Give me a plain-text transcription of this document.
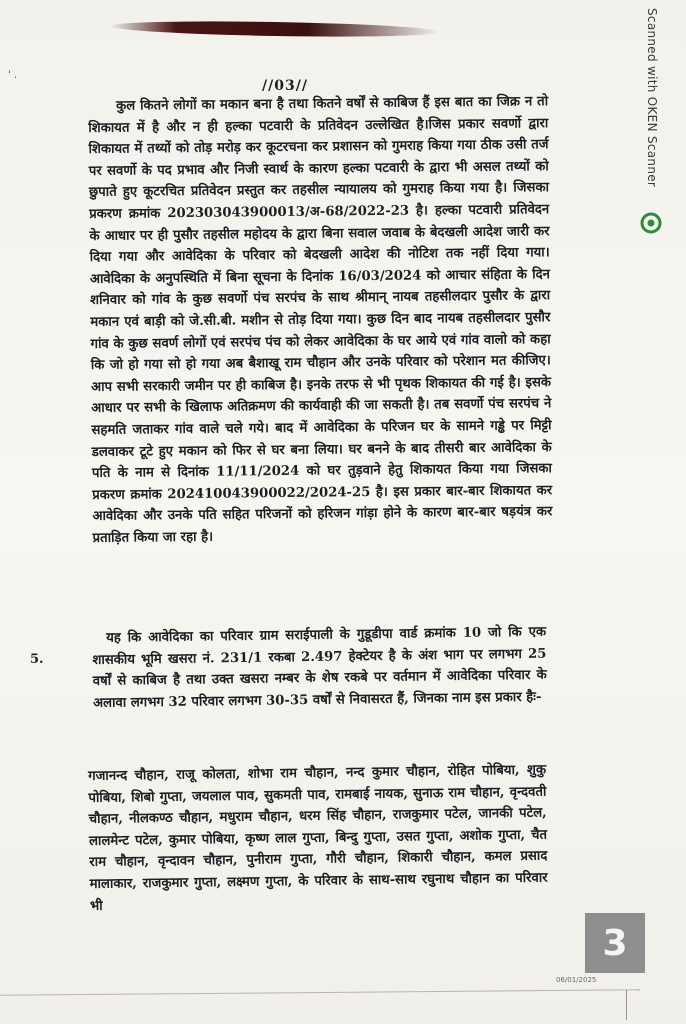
' .
//03//

कुल कितने लोगों का मकान बना है तथा कितने वर्षों से काबिज हैं इस बात का जिक्र न तो शिकायत में है और न ही हल्का पटवारी के प्रतिवेदन उल्लेखित है।जिस प्रकार सवर्णो द्वारा शिकायत में तथ्यों को तोड़ मरोड़ कर कूटरचना कर प्रशासन को गुमराह किया गया ठीक उसी तर्ज पर सवर्णो के पद प्रभाव और निजी स्वार्थ के कारण हल्का पटवारी के द्वारा भी असल तथ्यों को छुपाते हुए कूटरचित प्रतिवेदन प्रस्तुत कर तहसील न्यायालय को गुमराह किया गया है। जिसका प्रकरण क्रमांक 202303043900013/अ-68/2022-23 है। हल्का पटवारी प्रतिवेदन के आधार पर ही पुसौर तहसील महोदय के द्वारा बिना सवाल जवाब के बेदखली आदेश जारी कर दिया गया और आवेदिका के परिवार को बेदखली आदेश की नोटिश तक नहीं दिया गया। आवेदिका के अनुपस्थिति में बिना सूचना के दिनांक 16/03/2024 को आचार संहिता के दिन शनिवार को गांव के कुछ सवर्णो पंच सरपंच के साथ श्रीमान् नायब तहसीलदार पुसौर के द्वारा मकान एवं बाड़ी को जे.सी.बी. मशीन से तोड़ दिया गया। कुछ दिन बाद नायब तहसीलदार पुसौर गांव के कुछ सवर्ण लोगों एवं सरपंच पंच को लेकर आवेदिका के घर आये एवं गांव वालो को कहा कि जो हो गया सो हो गया अब बैशाखू राम चौहान और उनके परिवार को परेशान मत कीजिए। आप सभी सरकारी जमीन पर ही काबिज है। इनके तरफ से भी पृथक शिकायत की गई है। इसके आधार पर सभी के खिलाफ अतिक्रमण की कार्यवाही की जा सकती है। तब सवर्णो पंच सरपंच ने सहमति जताकर गांव वाले चले गये। बाद में आवेदिका के परिजन घर के सामने गड्ढे पर मिट्टी डलवाकर टूटे हुए मकान को फिर से घर बना लिया। घर बनने के बाद तीसरी बार आवेदिका के पति के नाम से दिनांक 11/11/2024 को घर तुड़वाने हेतु शिकायत किया गया जिसका प्रकरण क्रमांक 202410043900022/2024-25 है। इस प्रकार बार-बार शिकायत कर आवेदिका और उनके पति सहित परिजनों को हरिजन गांड़ा होने के कारण बार-बार षड़यंत्र कर प्रताड़ित किया जा रहा है।

5.

यह कि आवेदिका का परिवार ग्राम सराईपाली के गुडूडीपा वार्ड क्रमांक 10 जो कि एक शासकीय भूमि खसरा नं. 231/1 रकबा 2.497 हेक्टेयर है के अंश भाग पर लगभग 25 वर्षों से काबिज है तथा उक्त खसरा नम्बर के शेष रकबे पर वर्तमान में आवेदिका परिवार के अलावा लगभग 32 परिवार लगभग 30-35 वर्षों से निवासरत हैं, जिनका नाम इस प्रकार हैः-

गजानन्द चौहान, राजू कोलता, शोभा राम चौहान, नन्द कुमार चौहान, रोहित पोबिया, शुकु पोबिया, शिबो गुप्ता, जयलाल पाव, सुकमती पाव, रामबाई नायक, सुनाऊ राम चौहान, वृन्दवती चौहान, नीलकण्ठ चौहान, मधुराम चौहान, धरम सिंह चौहान, राजकुमार पटेल, जानकी पटेल, लालमेन्ट पटेल, कुमार पोबिया, कृष्ण लाल गुप्ता, बिन्दु गुप्ता, उसत गुप्ता, अशोक गुप्ता, चैत राम चौहान, वृन्दावन चौहान, पुनीराम गुप्ता, गौरी चौहान, शिकारी चौहान, कमल प्रसाद मालाकार, राजकुमार गुप्ता, लक्ष्मण गुप्ता, के परिवार के साथ-साथ रघुनाथ चौहान का परिवार भी

Scanned with OKEN Scanner
3
06/01/2025
